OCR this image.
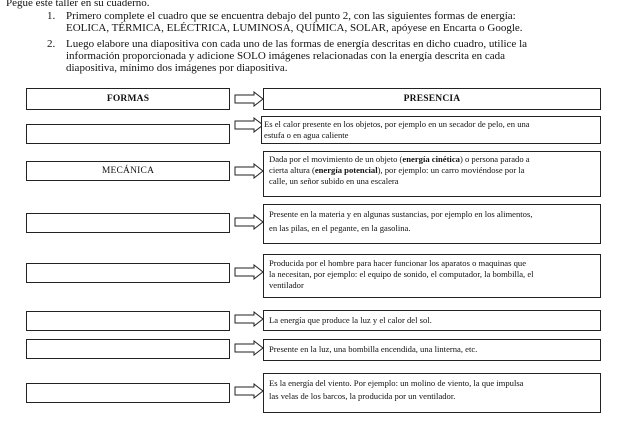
Pegue este taller en su cuaderno.
1. Primero complete el cuadro que se encuentra debajo del punto 2, con las siguientes formas de energía:
EOLICA, TÉRMICA, ELÉCTRICA, LUMINOSA, QUÍMICA, SOLAR, apóyese en Encarta o Google.
2. Luego elabore una diapositiva con cada uno de las formas de energía descritas en dicho cuadro, utilice la
información proporcionada y adicione SOLO imágenes relacionadas con la energía descrita en cada
diapositiva, mínimo dos imágenes por diapositiva.
FORMAS	PRESENCIA
Es el calor presente en los objetos, por ejemplo en un secador de pelo, en una
estufa o en agua caliente
MECÁNICA
Dada por el movimiento de un objeto (energía cinética) o persona parado a
cierta altura (energía potencial), por ejemplo: un carro moviéndose por la
calle, un señor subido en una escalera
Presente en la materia y en algunas sustancias, por ejemplo en los alimentos,
en las pilas, en el pegante, en la gasolina.
Producida por el hombre para hacer funcionar los aparatos o maquinas que
la necesitan, por ejemplo: el equipo de sonido, el computador, la bombilla, el
ventilador
La energía que produce la luz y el calor del sol.
Presente en la luz, una bombilla encendida, una linterna, etc.
Es la energía del viento. Por ejemplo: un molino de viento, la que impulsa
las velas de los barcos, la producida por un ventilador.
